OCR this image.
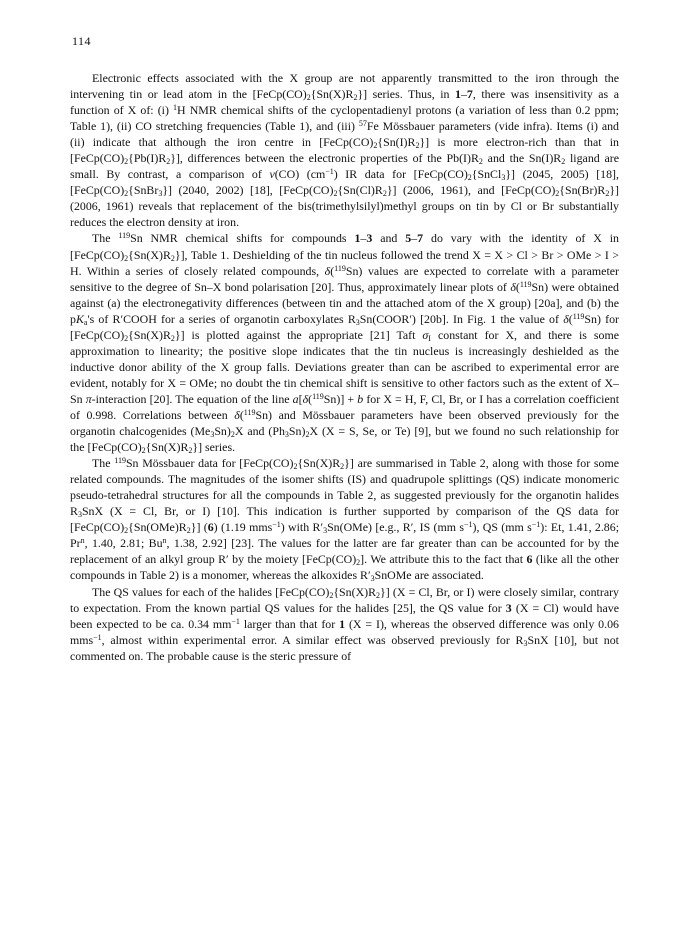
114

Electronic effects associated with the X group are not apparently transmitted to the iron through the intervening tin or lead atom in the $[FeCp(CO)_2\{Sn(X)R_2\}]$ series. Thus, in 1–7, there was insensitivity as a function of X of: (i) $^1$H NMR chemical shifts of the cyclopentadienyl protons (a variation of less than 0.2 ppm; Table 1), (ii) CO stretching frequencies (Table 1), and (iii) $^{57}$Fe Mössbauer parameters (vide infra). Items (i) and (ii) indicate that although the iron centre in $[FeCp(CO)_2\{Sn(I)R_2\}]$ is more electron-rich than that in $[FeCp(CO)_2\{Pb(I)R_2\}]$, differences between the electronic properties of the $Pb(I)R_2$ and the $Sn(I)R_2$ ligand are small. By contrast, a comparison of ν(CO) $(cm^{-1})$ IR data for $[FeCp(CO)_2\{SnCl_3\}]$ (2045, 2005) [18], $[FeCp(CO)_2\{SnBr_3\}]$ (2040, 2002) [18], $[FeCp(CO)_2\{Sn(Cl)R_2\}]$ (2006, 1961), and $[FeCp(CO)_2\{Sn(Br)R_2\}]$ (2006, 1961) reveals that replacement of the bis(trimethylsilyl)methyl groups on tin by Cl or Br substantially reduces the electron density at iron.

The $^{119}$Sn NMR chemical shifts for compounds 1–3 and 5–7 do vary with the identity of X in $[FeCp(CO)_2\{Sn(X)R_2\}]$, Table 1. Deshielding of the tin nucleus followed the trend X = X > Cl > Br > OMe > I > H. Within a series of closely related compounds, δ($^{119}$Sn) values are expected to correlate with a parameter sensitive to the degree of Sn–X bond polarisation [20]. Thus, approximately linear plots of δ($^{119}$Sn) were obtained against (a) the electronegativity differences (between tin and the attached atom of the X group) [20a], and (b) the $pK_a's$ of R′COOH for a series of organotin carboxylates $R_3Sn(COOR')$ [20b]. In Fig. 1 the value of δ($^{119}$Sn) for $[FeCp(CO)_2\{Sn(X)R_2\}]$ is plotted against the appropriate [21] Taft $\sigma_I$ constant for X, and there is some approximation to linearity; the positive slope indicates that the tin nucleus is increasingly deshielded as the inductive donor ability of the X group falls. Deviations greater than can be ascribed to experimental error are evident, notably for X = OMe; no doubt the tin chemical shift is sensitive to other factors such as the extent of X–Sn π-interaction [20]. The equation of the line a[δ($^{119}$Sn)] + b for X = H, F, Cl, Br, or I has a correlation coefficient of 0.998. Correlations between δ($^{119}$Sn) and Mössbauer parameters have been observed previously for the organotin chalcogenides $(Me_3Sn)_2X$ and $(Ph_3Sn)_2X$ (X = S, Se, or Te) [9], but we found no such relationship for the $[FeCp(CO)_2\{Sn(X)R_2\}]$ series.

The $^{119}$Sn Mössbauer data for $[FeCp(CO)_2\{Sn(X)R_2\}]$ are summarised in Table 2, along with those for some related compounds. The magnitudes of the isomer shifts (IS) and quadrupole splittings (QS) indicate monomeric pseudo-tetrahedral structures for all the compounds in Table 2, as suggested previously for the organotin halides $R_3SnX$ (X = Cl, Br, or I) [10]. This indication is further supported by comparison of the QS data for $[FeCp(CO)_2\{Sn(OMe)R_2\}]$ (6) (1.19 mms$^{-1}$) with $R'_3Sn(OMe)$ [e.g., R′, IS (mm $s^{-1}$), QS (mm $s^{-1}$): Et, 1.41, 2.86; Pr$^n$, 1.40, 2.81; Bu$^n$, 1.38, 2.92] [23]. The values for the latter are far greater than can be accounted for by the replacement of an alkyl group R′ by the moiety $[FeCp(CO)_2]$. We attribute this to the fact that 6 (like all the other compounds in Table 2) is a monomer, whereas the alkoxides $R'_3SnOMe$ are associated.

The QS values for each of the halides $[FeCp(CO)_2\{Sn(X)R_2\}] (X = Cl$, Br, or I) were closely similar, contrary to expectation. From the known partial QS values for the halides [25], the QS value for 3 (X = Cl) would have been expected to be ca. 0.34 $mm^{-1}$ larger than that for 1 (X = I), whereas the observed difference was only 0.06 mms$^{-1}$, almost within experimental error. A similar effect was observed previously for $R_3SnX$ [10], but not commented on. The probable cause is the steric pressure of
